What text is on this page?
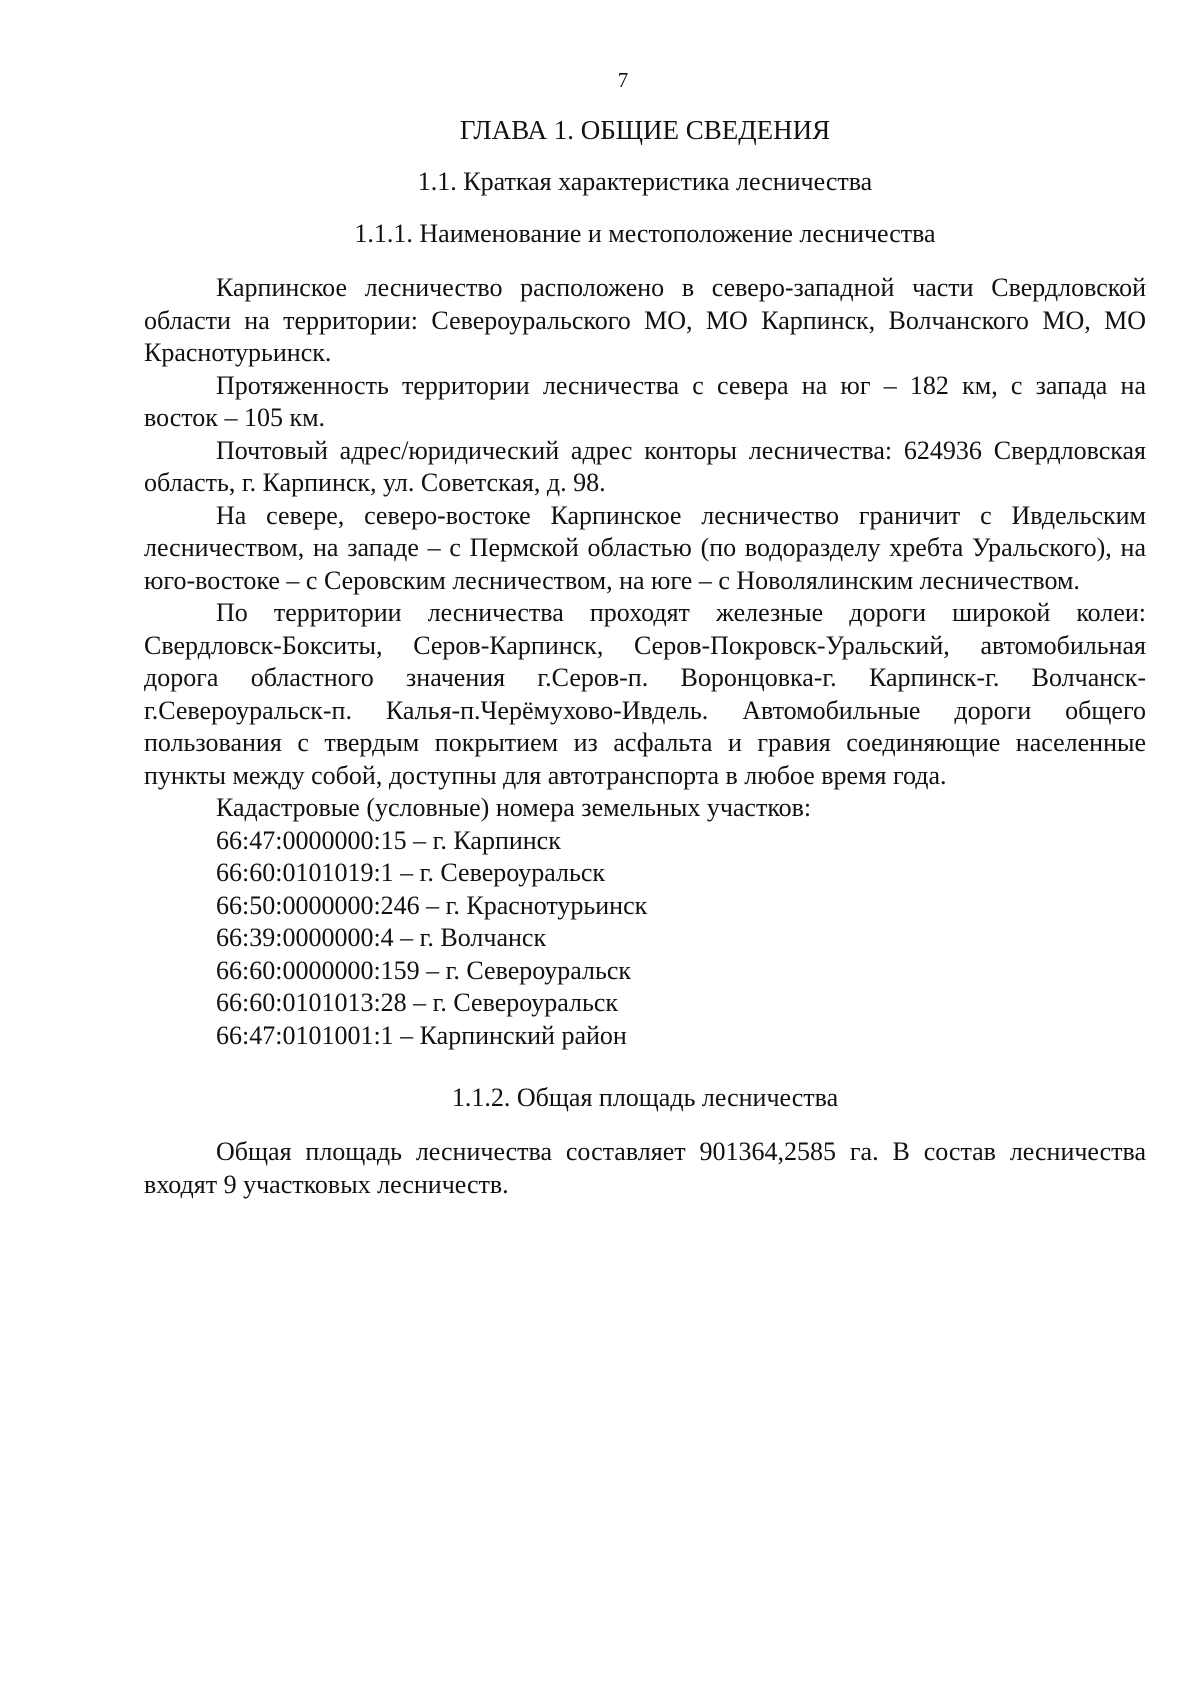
7
ГЛАВА 1. ОБЩИЕ СВЕДЕНИЯ
1.1. Краткая характеристика лесничества
1.1.1. Наименование и местоположение лесничества

Карпинское лесничество расположено в северо-западной части Свердловской области на территории: Североуральского МО, МО Карпинск, Волчанского МО, МО Краснотурьинск.

Протяженность территории лесничества с севера на юг – 182 км, с запада на восток – 105 км.

Почтовый адрес/юридический адрес конторы лесничества: 624936 Свердловская область, г. Карпинск, ул. Советская, д. 98.

На севере, северо-востоке Карпинское лесничество граничит с Ивдельским лесничеством, на западе – с Пермской областью (по водоразделу хребта Уральского), на юго-востоке – с Серовским лесничеством, на юге – с Новолялинским лесничеством.

По территории лесничества проходят железные дороги широкой колеи: Свердловск-Бокситы, Серов-Карпинск, Серов-Покровск-Уральский, автомобильная дорога областного значения г.Серов-п. Воронцовка-г. Карпинск-г. Волчанск-г.Североуральск-п. Калья-п.Черёмухово-Ивдель. Автомобильные дороги общего пользования с твердым покрытием из асфальта и гравия соединяющие населенные пункты между собой, доступны для автотранспорта в любое время года.

Кадастровые (условные) номера земельных участков:

66:47:0000000:15 – г. Карпинск

66:60:0101019:1 – г. Североуральск

66:50:0000000:246 – г. Краснотурьинск

66:39:0000000:4 – г. Волчанск

66:60:0000000:159 – г. Североуральск

66:60:0101013:28 – г. Североуральск

66:47:0101001:1 – Карпинский район

1.1.2. Общая площадь лесничества

Общая площадь лесничества составляет 901364,2585 га. В состав лесничества входят 9 участковых лесничеств.
